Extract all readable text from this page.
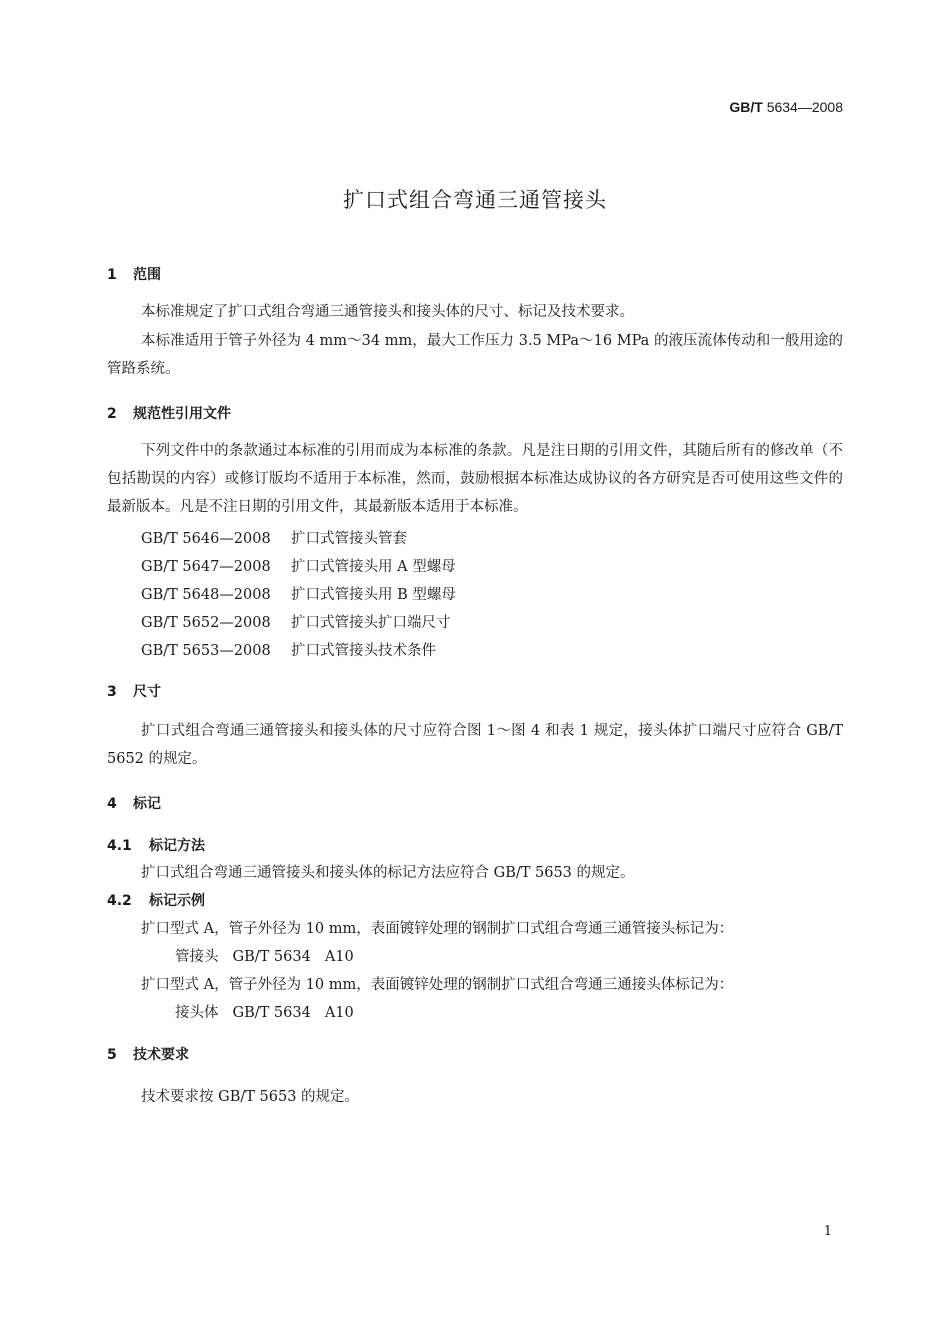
GB/T 5634—2008
扩口式组合弯通三通管接头
1 范围

本标准规定了扩口式组合弯通三通管接头和接头体的尺寸、标记及技术要求。

本标准适用于管子外径为 4 mm～34 mm，最大工作压力 3.5 MPa～16 MPa 的液压流体传动和一般用途的管路系统。

2 规范性引用文件

下列文件中的条款通过本标准的引用而成为本标准的条款。凡是注日期的引用文件，其随后所有的修改单（不包括勘误的内容）或修订版均不适用于本标准，然而，鼓励根据本标准达成协议的各方研究是否可使用这些文件的最新版本。凡是不注日期的引用文件，其最新版本适用于本标准。

GB/T 5646—2008 扩口式管接头管套
GB/T 5647—2008 扩口式管接头用 A 型螺母
GB/T 5648—2008 扩口式管接头用 B 型螺母
GB/T 5652—2008 扩口式管接头扩口端尺寸
GB/T 5653—2008 扩口式管接头技术条件
3 尺寸

扩口式组合弯通三通管接头和接头体的尺寸应符合图 1～图 4 和表 1 规定，接头体扩口端尺寸应符合 GB/T 5652 的规定。

4 标记
4.1 标记方法
扩口式组合弯通三通管接头和接头体的标记方法应符合 GB/T 5653 的规定。
4.2 标记示例
扩口型式 A，管子外径为 10 mm，表面镀锌处理的钢制扩口式组合弯通三通管接头标记为：
管接头 GB/T 5634 A10
扩口型式 A，管子外径为 10 mm，表面镀锌处理的钢制扩口式组合弯通三通接头体标记为：
接头体 GB/T 5634 A10
5 技术要求
技术要求按 GB/T 5653 的规定。
1
